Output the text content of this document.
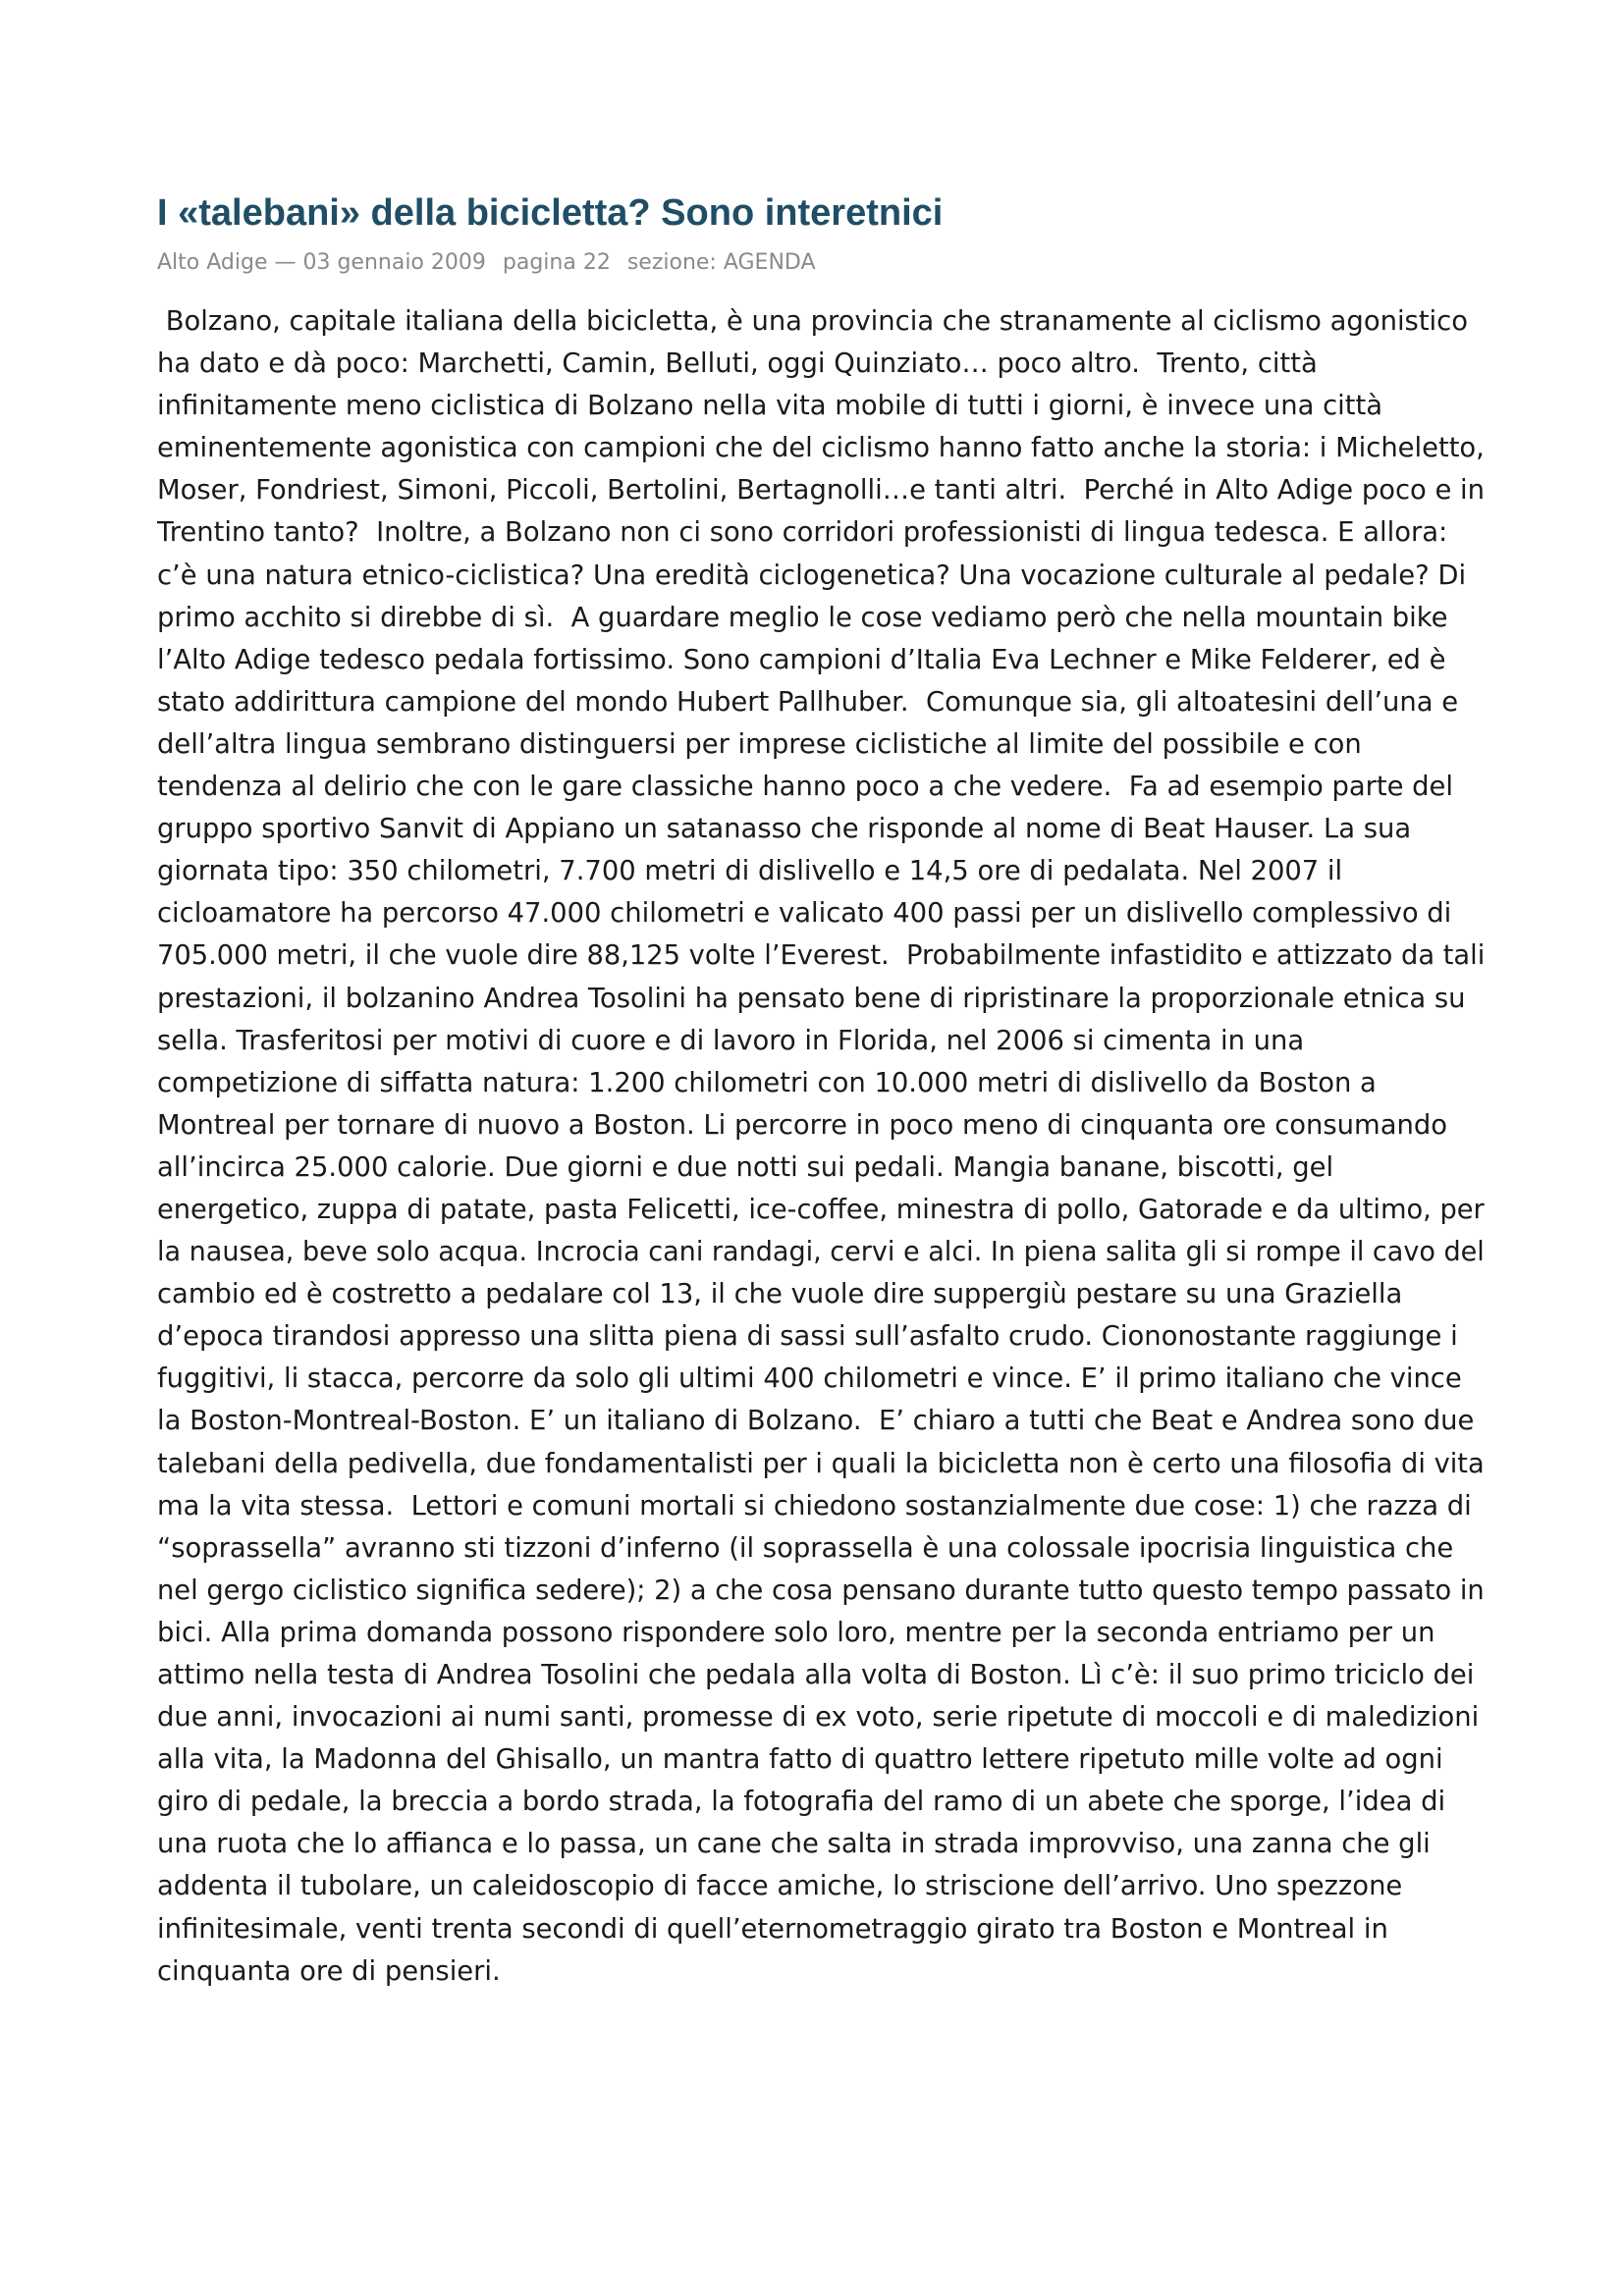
I «talebani» della bicicletta? Sono interetnici
Alto Adige — 03 gennaio 2009 pagina 22 sezione: AGENDA
Bolzano, capitale italiana della bicicletta, è una provincia che stranamente al ciclismo agonistico
ha dato e dà poco: Marchetti, Camin, Belluti, oggi Quinziato… poco altro.  Trento, città
infinitamente meno ciclistica di Bolzano nella vita mobile di tutti i giorni, è invece una città
eminentemente agonistica con campioni che del ciclismo hanno fatto anche la storia: i Micheletto,
Moser, Fondriest, Simoni, Piccoli, Bertolini, Bertagnolli…e tanti altri.  Perché in Alto Adige poco e in
Trentino tanto?  Inoltre, a Bolzano non ci sono corridori professionisti di lingua tedesca. E allora:
c’è una natura etnico-ciclistica? Una eredità ciclogenetica? Una vocazione culturale al pedale? Di
primo acchito si direbbe di sì.  A guardare meglio le cose vediamo però che nella mountain bike
l’Alto Adige tedesco pedala fortissimo. Sono campioni d’Italia Eva Lechner e Mike Felderer, ed è
stato addirittura campione del mondo Hubert Pallhuber.  Comunque sia, gli altoatesini dell’una e
dell’altra lingua sembrano distinguersi per imprese ciclistiche al limite del possibile e con
tendenza al delirio che con le gare classiche hanno poco a che vedere.  Fa ad esempio parte del
gruppo sportivo Sanvit di Appiano un satanasso che risponde al nome di Beat Hauser. La sua
giornata tipo: 350 chilometri, 7.700 metri di dislivello e 14,5 ore di pedalata. Nel 2007 il
cicloamatore ha percorso 47.000 chilometri e valicato 400 passi per un dislivello complessivo di
705.000 metri, il che vuole dire 88,125 volte l’Everest.  Probabilmente infastidito e attizzato da tali
prestazioni, il bolzanino Andrea Tosolini ha pensato bene di ripristinare la proporzionale etnica su
sella. Trasferitosi per motivi di cuore e di lavoro in Florida, nel 2006 si cimenta in una
competizione di siffatta natura: 1.200 chilometri con 10.000 metri di dislivello da Boston a
Montreal per tornare di nuovo a Boston. Li percorre in poco meno di cinquanta ore consumando
all’incirca 25.000 calorie. Due giorni e due notti sui pedali. Mangia banane, biscotti, gel
energetico, zuppa di patate, pasta Felicetti, ice-coffee, minestra di pollo, Gatorade e da ultimo, per
la nausea, beve solo acqua. Incrocia cani randagi, cervi e alci. In piena salita gli si rompe il cavo del
cambio ed è costretto a pedalare col 13, il che vuole dire suppergiù pestare su una Graziella
d’epoca tirandosi appresso una slitta piena di sassi sull’asfalto crudo. Ciononostante raggiunge i
fuggitivi, li stacca, percorre da solo gli ultimi 400 chilometri e vince. E’ il primo italiano che vince
la Boston-Montreal-Boston. E’ un italiano di Bolzano.  E’ chiaro a tutti che Beat e Andrea sono due
talebani della pedivella, due fondamentalisti per i quali la bicicletta non è certo una filosofia di vita
ma la vita stessa.  Lettori e comuni mortali si chiedono sostanzialmente due cose: 1) che razza di
“soprassella” avranno sti tizzoni d’inferno (il soprassella è una colossale ipocrisia linguistica che
nel gergo ciclistico significa sedere); 2) a che cosa pensano durante tutto questo tempo passato in
bici. Alla prima domanda possono rispondere solo loro, mentre per la seconda entriamo per un
attimo nella testa di Andrea Tosolini che pedala alla volta di Boston. Lì c’è: il suo primo triciclo dei
due anni, invocazioni ai numi santi, promesse di ex voto, serie ripetute di moccoli e di maledizioni
alla vita, la Madonna del Ghisallo, un mantra fatto di quattro lettere ripetuto mille volte ad ogni
giro di pedale, la breccia a bordo strada, la fotografia del ramo di un abete che sporge, l’idea di
una ruota che lo affianca e lo passa, un cane che salta in strada improvviso, una zanna che gli
addenta il tubolare, un caleidoscopio di facce amiche, lo striscione dell’arrivo. Uno spezzone
infinitesimale, venti trenta secondi di quell’eternometraggio girato tra Boston e Montreal in
cinquanta ore di pensieri.
